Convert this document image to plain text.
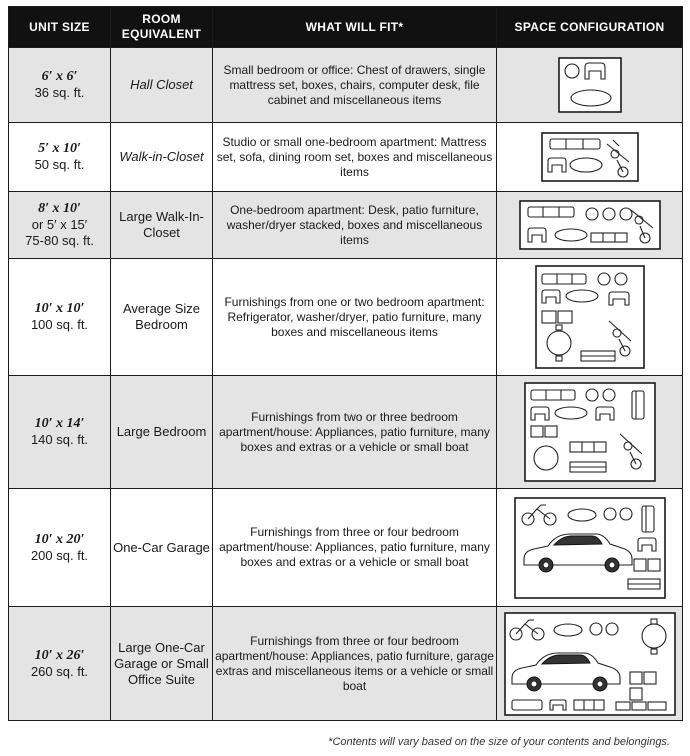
UNIT SIZE	ROOM EQUIVALENT	WHAT WILL FIT*	SPACE CONFIGURATION

6′ x 6′
36 sq. ft.	Hall Closet	Small bedroom or office: Chest of drawers, single mattress set, boxes, chairs, computer desk, file cabinet and miscellaneous items	

5′ x 10′
50 sq. ft.	Walk-in-Closet	Studio or small one-bedroom apartment: Mattress set, sofa, dining room set, boxes and miscellaneous items	

8′ x 10′
or 5′ x 15′
75-80 sq. ft.	Large Walk-In-Closet	One-bedroom apartment: Desk, patio furniture, washer/dryer stacked, boxes and miscellaneous items	

10′ x 10′
100 sq. ft.	Average Size Bedroom	Furnishings from one or two bedroom apartment: Refrigerator, washer/dryer, patio furniture, many boxes and miscellaneous items	

10′ x 14′
140 sq. ft.	Large Bedroom	Furnishings from two or three bedroom apartment/house: Appliances, patio furniture, many boxes and extras or a vehicle or small boat	

10′ x 20′
200 sq. ft.	One-Car Garage	Furnishings from three or four bedroom apartment/house: Appliances, patio furniture, many boxes and extras or a vehicle or small boat	

10′ x 26′
260 sq. ft.	Large One-Car Garage or Small Office Suite	Furnishings from three or four bedroom apartment/house: Appliances, patio furniture, garage extras and miscellaneous items or a vehicle or small boat	
*Contents will vary based on the size of your contents and belongings.
